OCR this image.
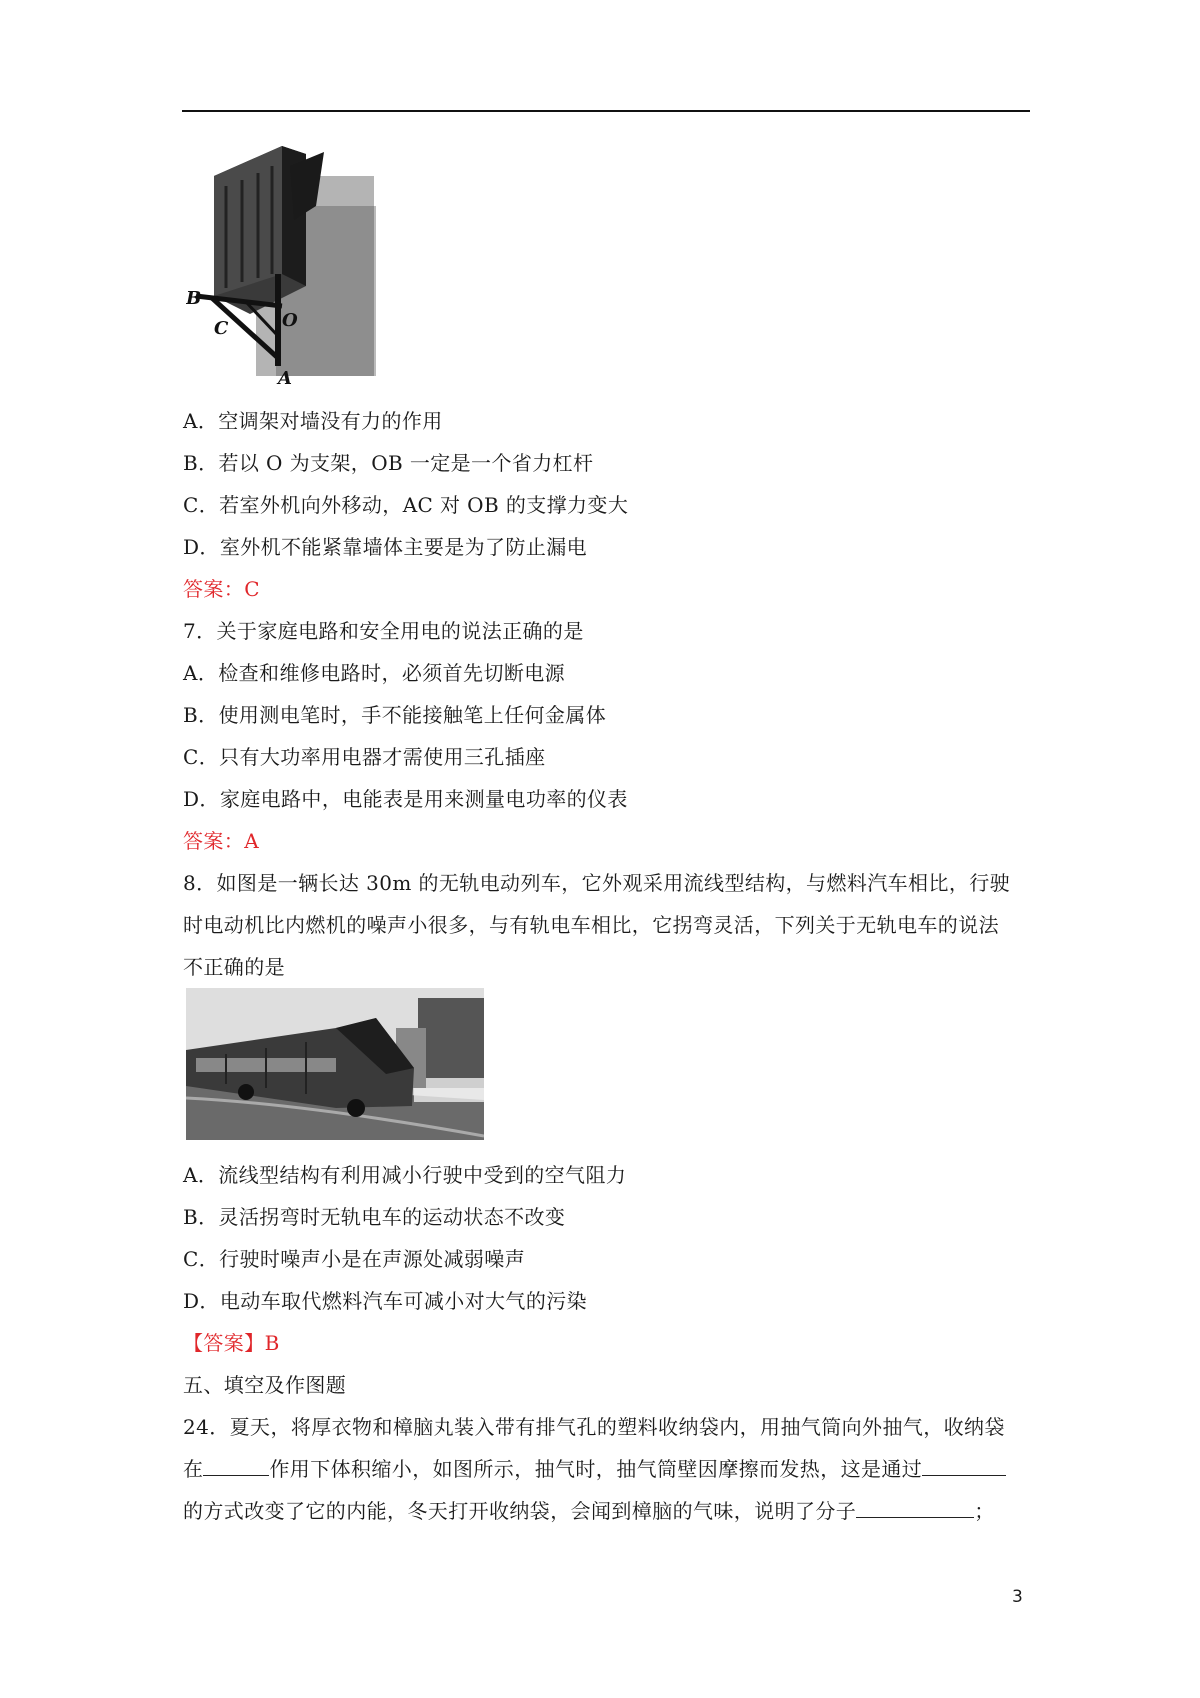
B
C	O
A
A．空调架对墙没有力的作用
B．若以 O 为支架，OB 一定是一个省力杠杆
C．若室外机向外移动，AC 对 OB 的支撑力变大
D．室外机不能紧靠墙体主要是为了防止漏电
答案：C
7．关于家庭电路和安全用电的说法正确的是
A．检查和维修电路时，必须首先切断电源
B．使用测电笔时，手不能接触笔上任何金属体
C．只有大功率用电器才需使用三孔插座
D．家庭电路中，电能表是用来测量电功率的仪表
答案：A
8．如图是一辆长达 30m 的无轨电动列车，它外观采用流线型结构，与燃料汽车相比，行驶
时电动机比内燃机的噪声小很多，与有轨电车相比，它拐弯灵活，下列关于无轨电车的说法
不正确的是
A．流线型结构有利用减小行驶中受到的空气阻力
B．灵活拐弯时无轨电车的运动状态不改变
C．行驶时噪声小是在声源处减弱噪声
D．电动车取代燃料汽车可减小对大气的污染
【答案】B
五、填空及作图题
24．夏天，将厚衣物和樟脑丸装入带有排气孔的塑料收纳袋内，用抽气筒向外抽气，收纳袋
在	作用下体积缩小，如图所示，抽气时，抽气筒壁因摩擦而发热，这是通过
的方式改变了它的内能，冬天打开收纳袋，会闻到樟脑的气味，说明了分子	；
3
